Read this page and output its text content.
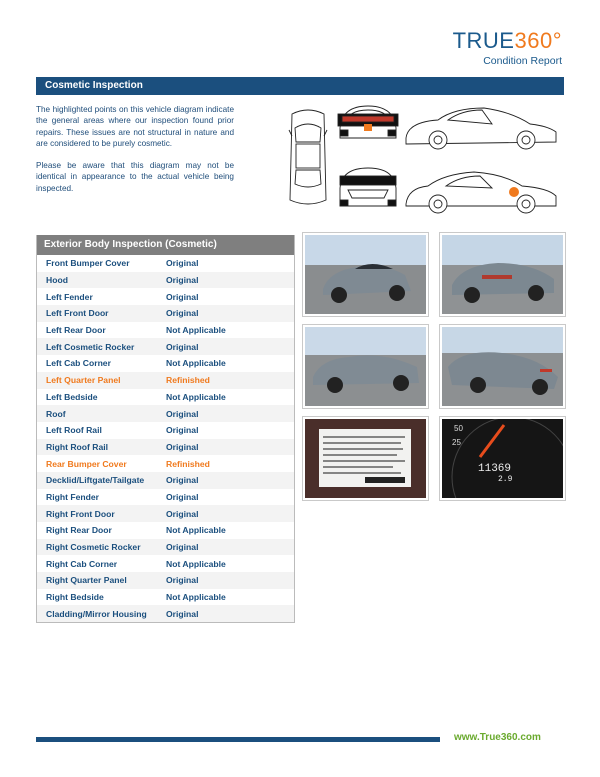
TRUE360°
Condition Report
Cosmetic Inspection

The highlighted points on this vehicle diagram indicate the general areas where our inspection found prior repairs. These issues are not structural in nature and are considered to be purely cosmetic.

Please be aware that this diagram may not be identical in appearance to the actual vehicle being inspected.

Exterior Body Inspection (Cosmetic)
Front Bumper Cover	Original
Hood	Original
Left Fender	Original
Left Front Door	Original
Left Rear Door	Not Applicable
Left Cosmetic Rocker	Original
Left Cab Corner	Not Applicable
Left Quarter Panel	Refinished
Left Bedside	Not Applicable
Roof	Original
Left Roof Rail	Original
Right Roof Rail	Original
Rear Bumper Cover	Refinished
Decklid/Liftgate/Tailgate	Original
Right Fender	Original
Right Front Door	Original
Right Rear Door	Not Applicable
Right Cosmetic Rocker	Original
Right Cab Corner	Not Applicable
Right Quarter Panel	Original
Right Bedside	Not Applicable
Cladding/Mirror Housing	Original
50
25
11369
2.9
www.True360.com
